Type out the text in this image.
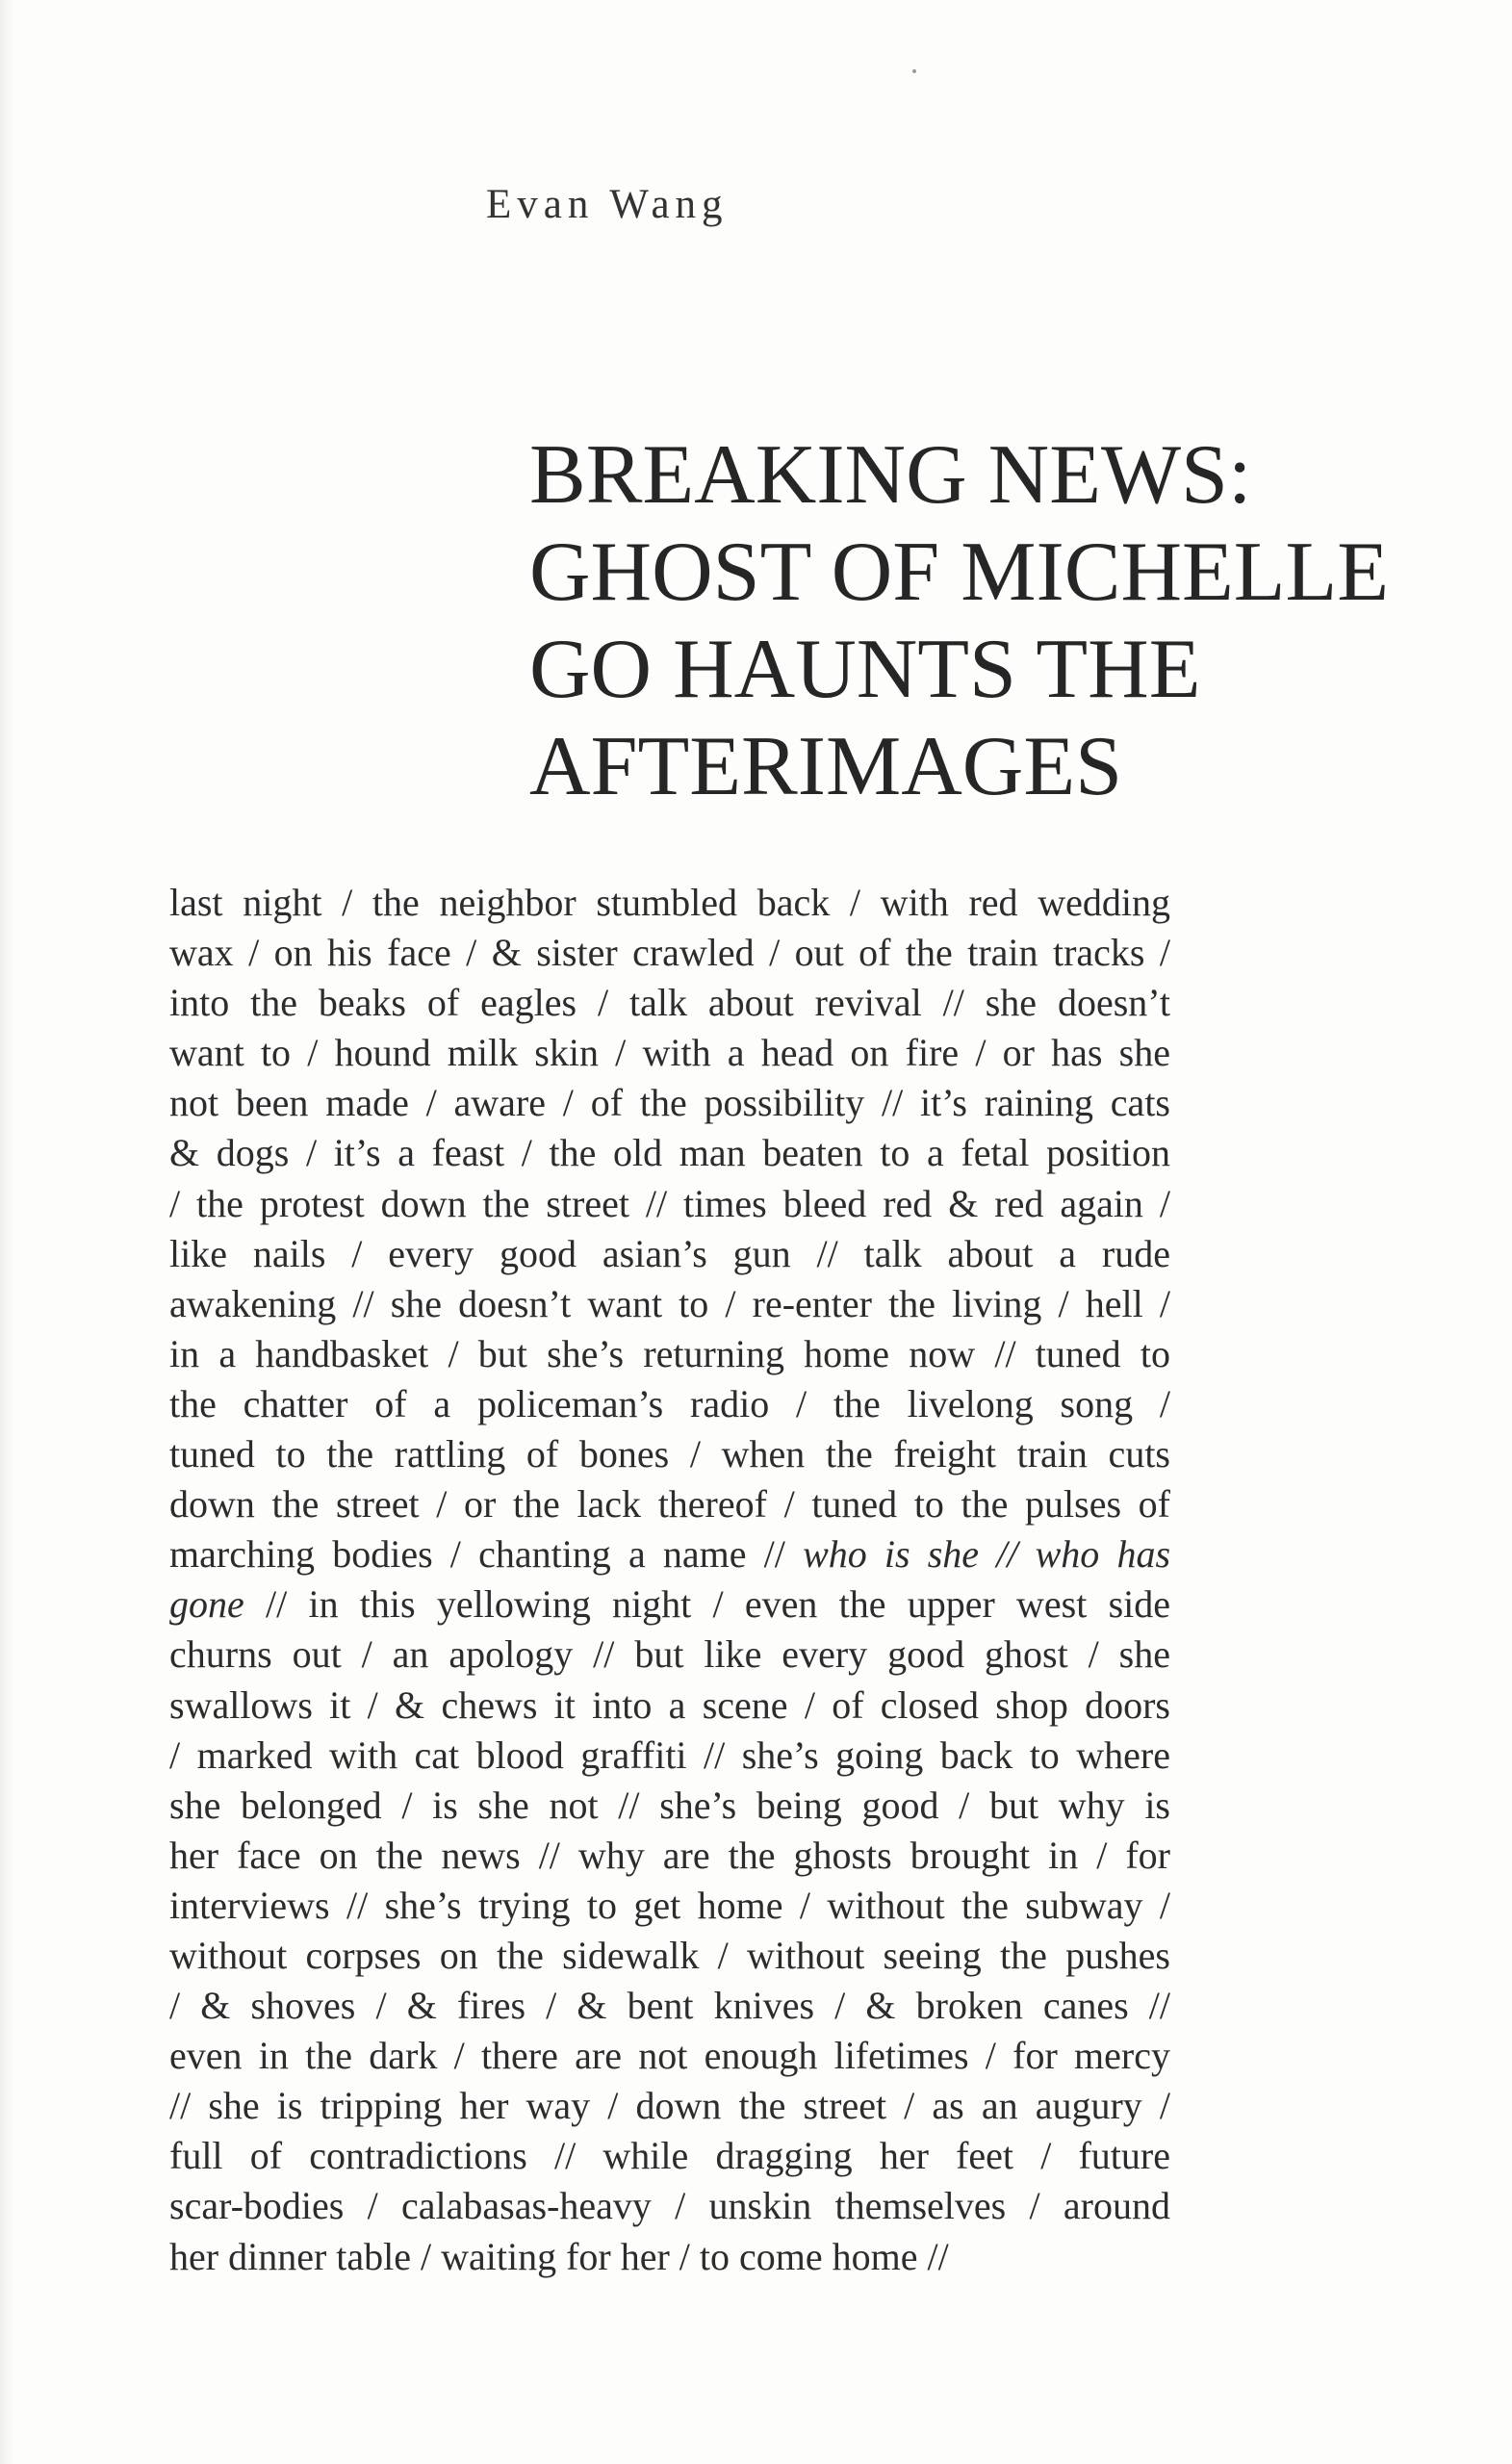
Evan Wang
BREAKING NEWS:
GHOST OF MICHELLE
GO HAUNTS THE
AFTERIMAGES
last night / the neighbor stumbled back / with red wedding
wax / on his face / & sister crawled / out of the train tracks /
into the beaks of eagles / talk about revival // she doesn’t
want to / hound milk skin / with a head on fire / or has she
not been made / aware / of the possibility // it’s raining cats
& dogs / it’s a feast / the old man beaten to a fetal position
/ the protest down the street // times bleed red & red again /
like nails / every good asian’s gun // talk about a rude
awakening // she doesn’t want to / re-enter the living / hell /
in a handbasket / but she’s returning home now // tuned to
the chatter of a policeman’s radio / the livelong song /
tuned to the rattling of bones / when the freight train cuts
down the street / or the lack thereof / tuned to the pulses of
marching bodies / chanting a name // who is she // who has
gone // in this yellowing night / even the upper west side
churns out / an apology // but like every good ghost / she
swallows it / & chews it into a scene / of closed shop doors
/ marked with cat blood graffiti // she’s going back to where
she belonged / is she not // she’s being good / but why is
her face on the news // why are the ghosts brought in / for
interviews // she’s trying to get home / without the subway /
without corpses on the sidewalk / without seeing the pushes
/ & shoves / & fires / & bent knives / & broken canes //
even in the dark / there are not enough lifetimes / for mercy
// she is tripping her way / down the street / as an augury /
full of contradictions // while dragging her feet / future
scar-bodies / calabasas-heavy / unskin themselves / around
her dinner table / waiting for her / to come home //
